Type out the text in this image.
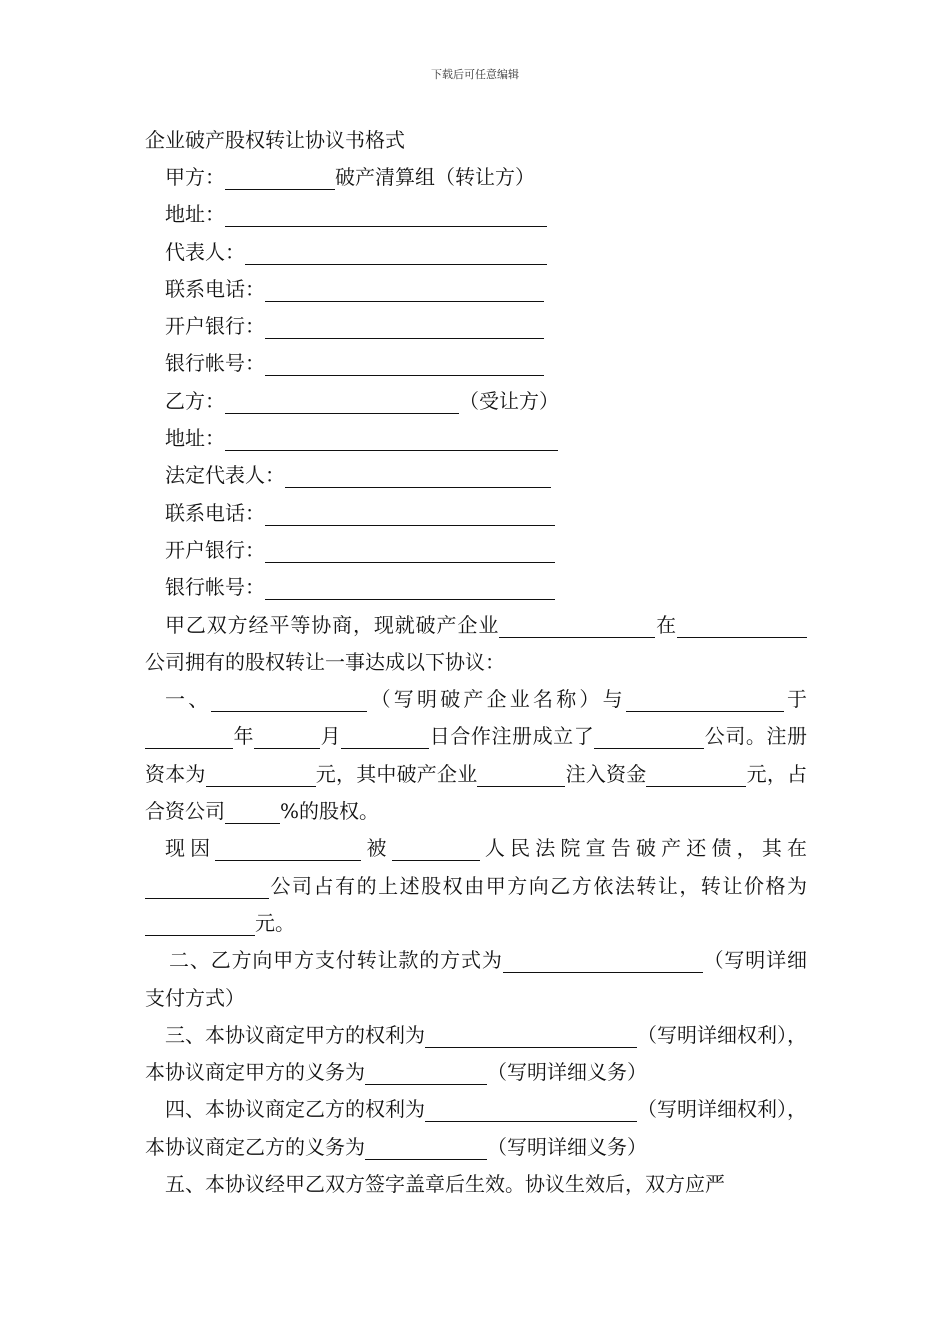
下载后可任意编辑
企业破产股权转让协议书格式
甲方：	破产清算组（转让方）
地址：
代表人：
联系电话：
开户银行：
银行帐号：
乙方：	（受让方）
地址：
法定代表人：
联系电话：
开户银行：
银行帐号：
甲乙双方经平等协商，现就破产企业	在公司拥有的股权转让一事达成以下协议：
一、	（写明破产企业名称）与	于年	月	日合作注册成立了	公司。注册资本为	元，其中破产企业	注入资金	元，占合资公司	%的股权。
现因	被	人民法院宣告破产还债，其在公司占有的上述股权由甲方向乙方依法转让，转让价格为元。
二、乙方向甲方支付转让款的方式为	（写明详细支付方式）
三、本协议商定甲方的权利为	（写明详细权利），本协议商定甲方的义务为	（写明详细义务）
四、本协议商定乙方的权利为	（写明详细权利），本协议商定乙方的义务为	（写明详细义务）
五、本协议经甲乙双方签字盖章后生效。协议生效后，双方应严
